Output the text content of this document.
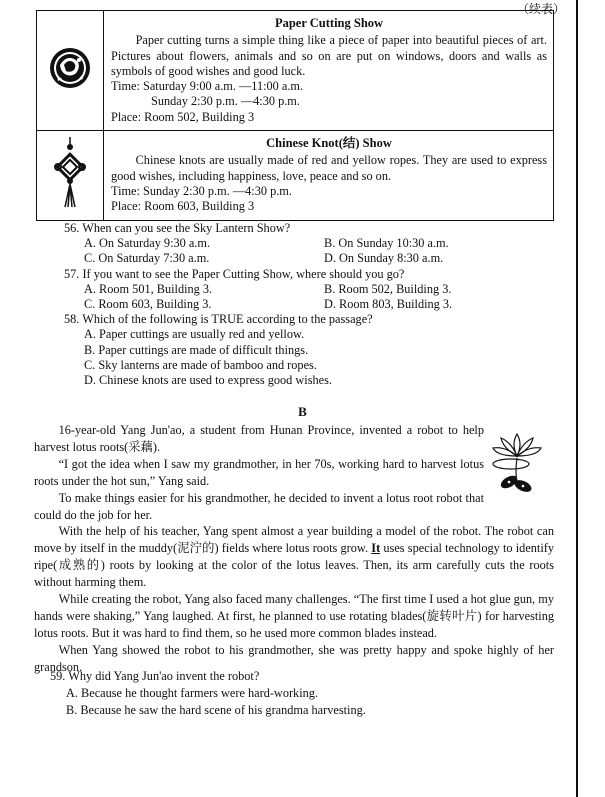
（续表）

Paper Cutting Show
Paper cutting turns a simple thing like a piece of paper into beautiful pieces of art. Pictures about flowers, animals and so on are put on windows, doors and walls as symbols of good wishes and good luck.
Time: Saturday 9:00 a.m. —11:00 a.m.
Sunday 2:30 p.m. —4:30 p.m.
Place: Room 502, Building 3

Chinese Knot(结) Show
Chinese knots are usually made of red and yellow ropes. They are used to express good wishes, including happiness, love, peace and so on.
Time: Sunday 2:30 p.m. —4:30 p.m.
Place: Room 603, Building 3
56. When can you see the Sky Lantern Show?
A. On Saturday 9:30 a.m.	B. On Sunday 10:30 a.m.
C. On Saturday 7:30 a.m.	D. On Sunday 8:30 a.m.
57. If you want to see the Paper Cutting Show, where should you go?
A. Room 501, Building 3.	B. Room 502, Building 3.
C. Room 603, Building 3.	D. Room 803, Building 3.
58. Which of the following is TRUE according to the passage?
A. Paper cuttings are usually red and yellow.
B. Paper cuttings are made of difficult things.
C. Sky lanterns are made of bamboo and ropes.
D. Chinese knots are used to express good wishes.
B

16-year-old Yang Jun'ao, a student from Hunan Province, invented a robot to help harvest lotus roots(采藕).

“I got the idea when I saw my grandmother, in her 70s, working hard to harvest lotus roots under the hot sun,” Yang said.

To make things easier for his grandmother, he decided to invent a lotus root robot that could do the job for her.

With the help of his teacher, Yang spent almost a year building a model of the robot. The robot can move by itself in the muddy(泥泞的) fields where lotus roots grow. It uses special technology to identify ripe(成熟的) roots by looking at the color of the lotus leaves. Then, its arm carefully cuts the roots without harming them.

While creating the robot, Yang also faced many challenges. “The first time I used a hot glue gun, my hands were shaking,” Yang laughed. At first, he planned to use rotating blades(旋转叶片) for harvesting lotus roots. But it was hard to find them, so he used more common blades instead.

When Yang showed the robot to his grandmother, she was pretty happy and spoke highly of her grandson.

59. Why did Yang Jun'ao invent the robot?
A. Because he thought farmers were hard-working.
B. Because he saw the hard scene of his grandma harvesting.
